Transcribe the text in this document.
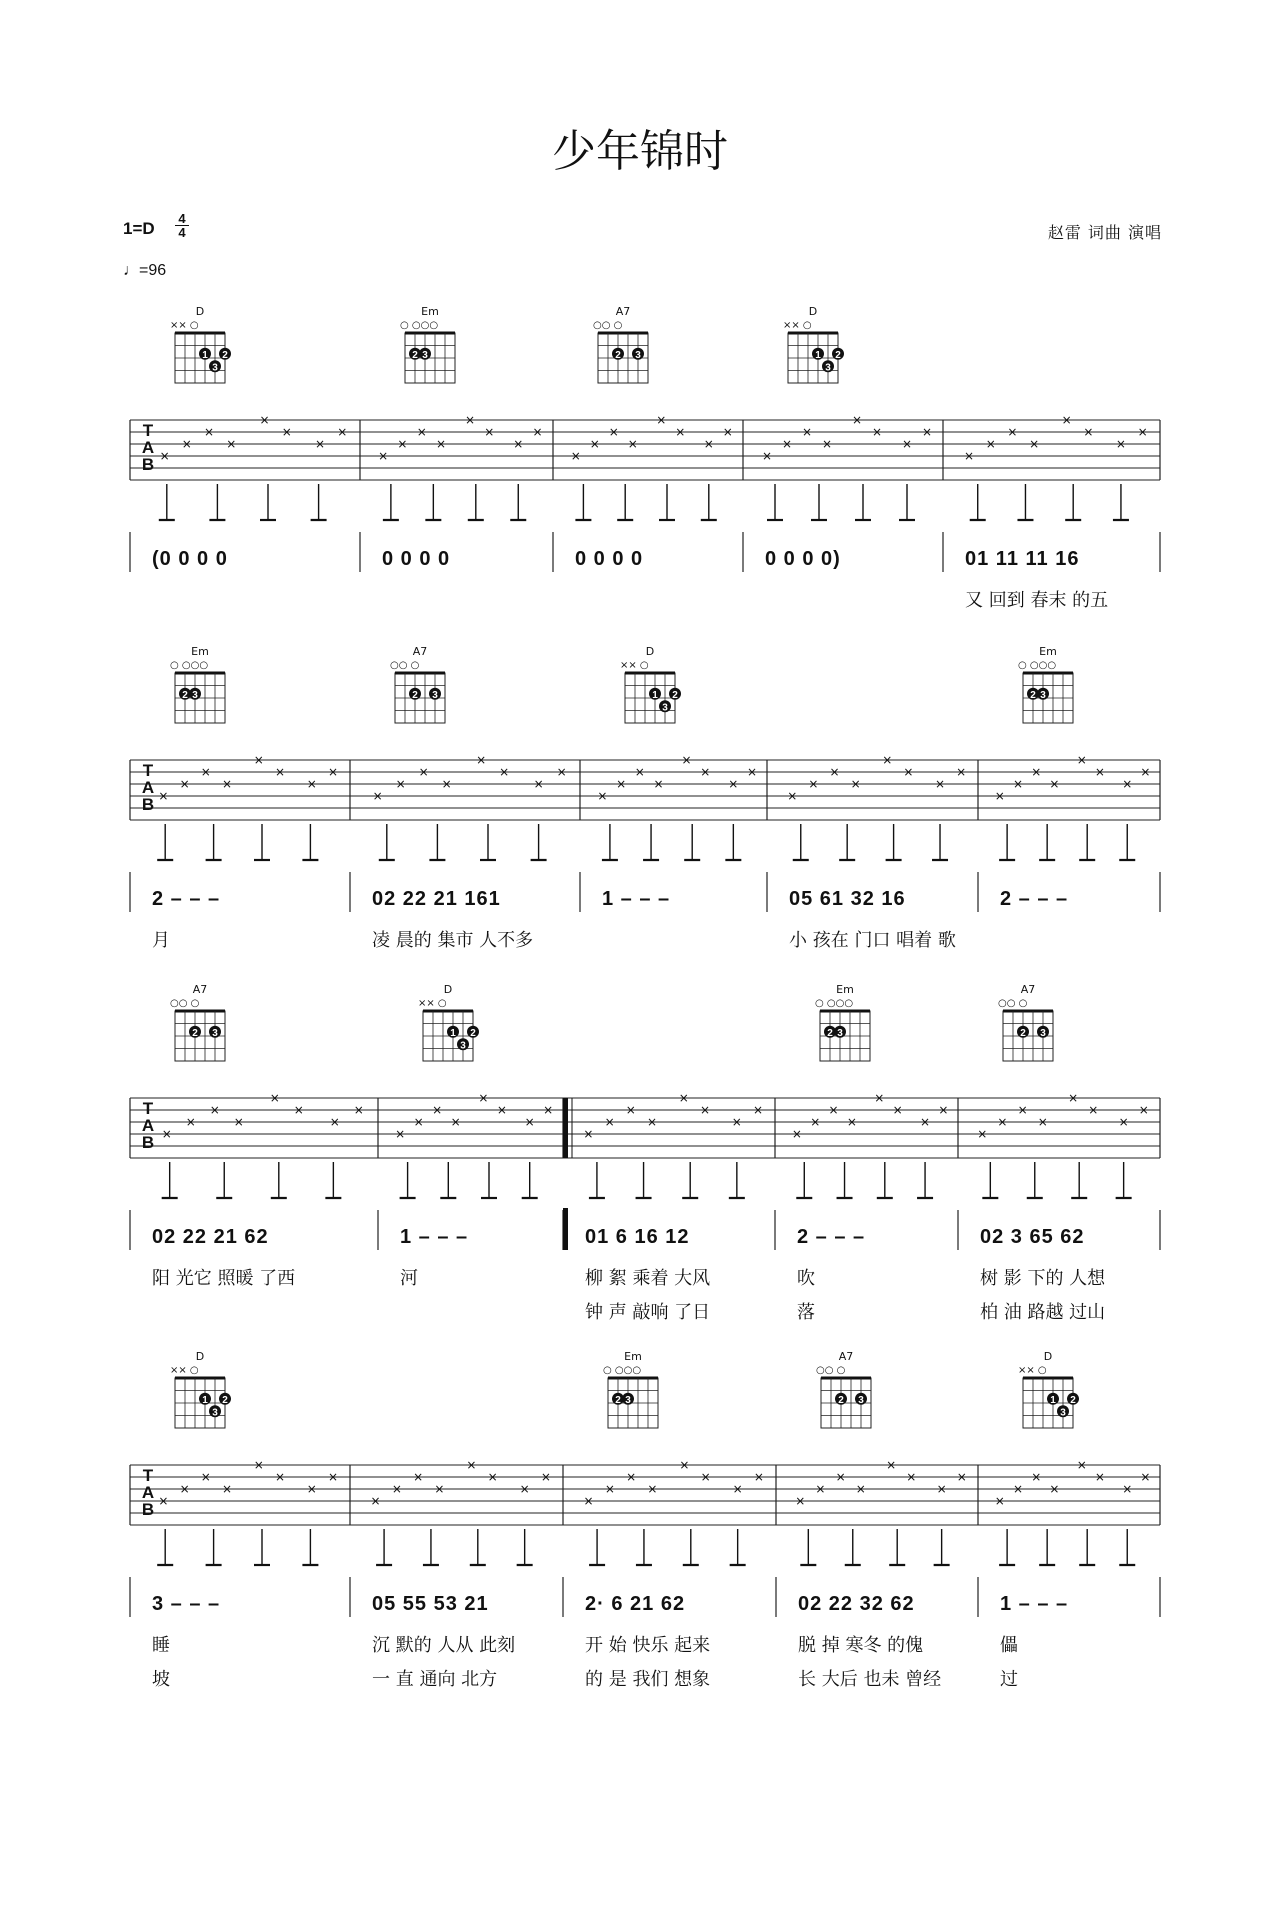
少年锦时
$1=D \frac{4}{4}$
♩=96
赵雷 词曲 演唱
T
A
B ×
×
×
×
×
×
×
×
D
×× ○
1 2
3
(0 0 0 0
×
×
×
×
×
×
×
×
Em
○ ○○○
2 3
0 0 0 0
×
×
×
×
×
×
×
×
A7
○○ ○
2 3
0 0 0 0
×
×
×
×
×
×
×
×
D
×× ○
1 2
3
0 0 0 0)
×
×
×
×
×
×
×
×
01 11 11 16
又 回到 春末 的五
T
A
B ×
×
×
×
×
×
×
×
Em
○ ○○○
2 3
2 – – –
月
×
×
×
×
×
×
×
×
A7
○○ ○
2 3
02 22 21 161
凌 晨的 集市 人不多
×
×
×
×
×
×
×
×
D
×× ○
1 2
3
1 – – –
×
×
×
×
×
×
×
×
05 61 32 16
小 孩在 门口 唱着 歌
×
×
×
×
×
×
×
×
Em
○ ○○○
2 3
2 – – –
T
A
B ×
×
×
×
×
×
×
×
A7
○○ ○
2 3
02 22 21 62
阳 光它 照暖 了西
×
×
×
×
×
×
×
×
D
×× ○
1 2
3
1 – – –
河
×
×
×
×
×
×
×
×
01 6 16 12
柳 絮 乘着 大风
钟 声 敲响 了日
×
×
×
×
×
×
×
×
Em
○ ○○○
2 3
2 – – –
吹
落
×
×
×
×
×
×
×
×
A7
○○ ○
2 3
02 3 65 62
树 影 下的 人想
柏 油 路越 过山
T
A
B ×
×
×
×
×
×
×
×
D
×× ○
1 2
3
3 – – –
睡
坡
×
×
×
×
×
×
×
×
05 55 53 21
沉 默的 人从 此刻
一 直 通向 北方
×
×
×
×
×
×
×
×
Em
○ ○○○
2 3
2· 6 21 62
开 始 快乐 起来
的 是 我们 想象
×
×
×
×
×
×
×
×
A7
○○ ○
2 3
02 22 32 62
脱 掉 寒冬 的傀
长 大后 也未 曾经
×
×
×
×
×
×
×
×
D
×× ○
1 2
3
1 – – –
儡
过
